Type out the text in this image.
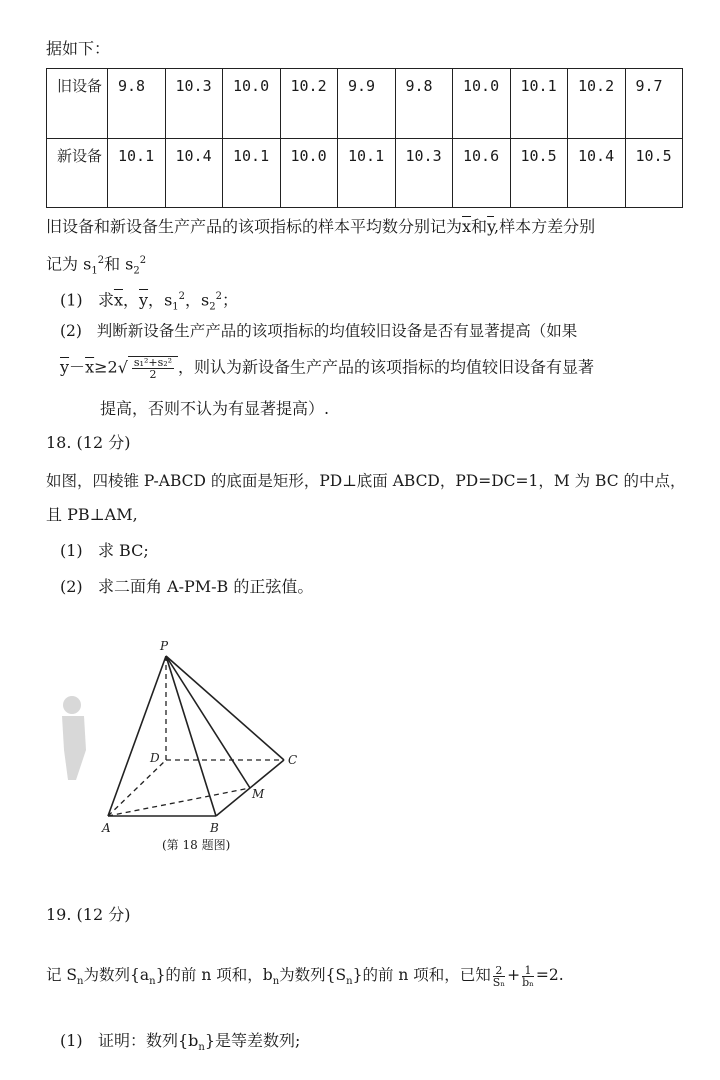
据如下：
旧设备	9.8	10.3	10.0	10.2	9.9	9.8	10.0	10.1	10.2	9.7
新设备	10.1	10.4	10.1	10.0	10.1	10.3	10.6	10.5	10.4	10.5
旧设备和新设备生产产品的该项指标的样本平均数分别记为$\overline{x}$和$\overline{y}$,样本方差分别
记为 $s_1^2$和 $s_2^2$
(1) 求$\overline{x}$，$\overline{y}$，$s_1^2$，$s_2^2$；
(2) 判断新设备生产产品的该项指标的均值较旧设备是否有显著提高（如果
$\overline{y}-\overline{x}\ge 2√ \frac{\text{s₁²+s₂²}}{2}$ ，则认为新设备生产产品的该项指标的均值较旧设备有显著
提高，否则不认为有显著提高）.
18. (12 分)
如图，四棱锥 P-ABCD 的底面是矩形，PD⊥底面 ABCD，PD=DC=1，M 为 BC 的中点，
且 PB⊥AM,
(1) 求 BC;
(2) 求二面角 A-PM-B 的正弦值。
P
D	C
M
A	B
(第 18 题图)
19. (12 分)
记 $S_n$为数列$\{a_n\}$的前 n 项和，$b_n$为数列$\{S_n\}$的前 n 项和，已知 $\frac{2}{\text{Sₙ}} + \frac{1}{\text{bₙ}} =2$.
(1) 证明：数列$\{b_n\}$是等差数列;
